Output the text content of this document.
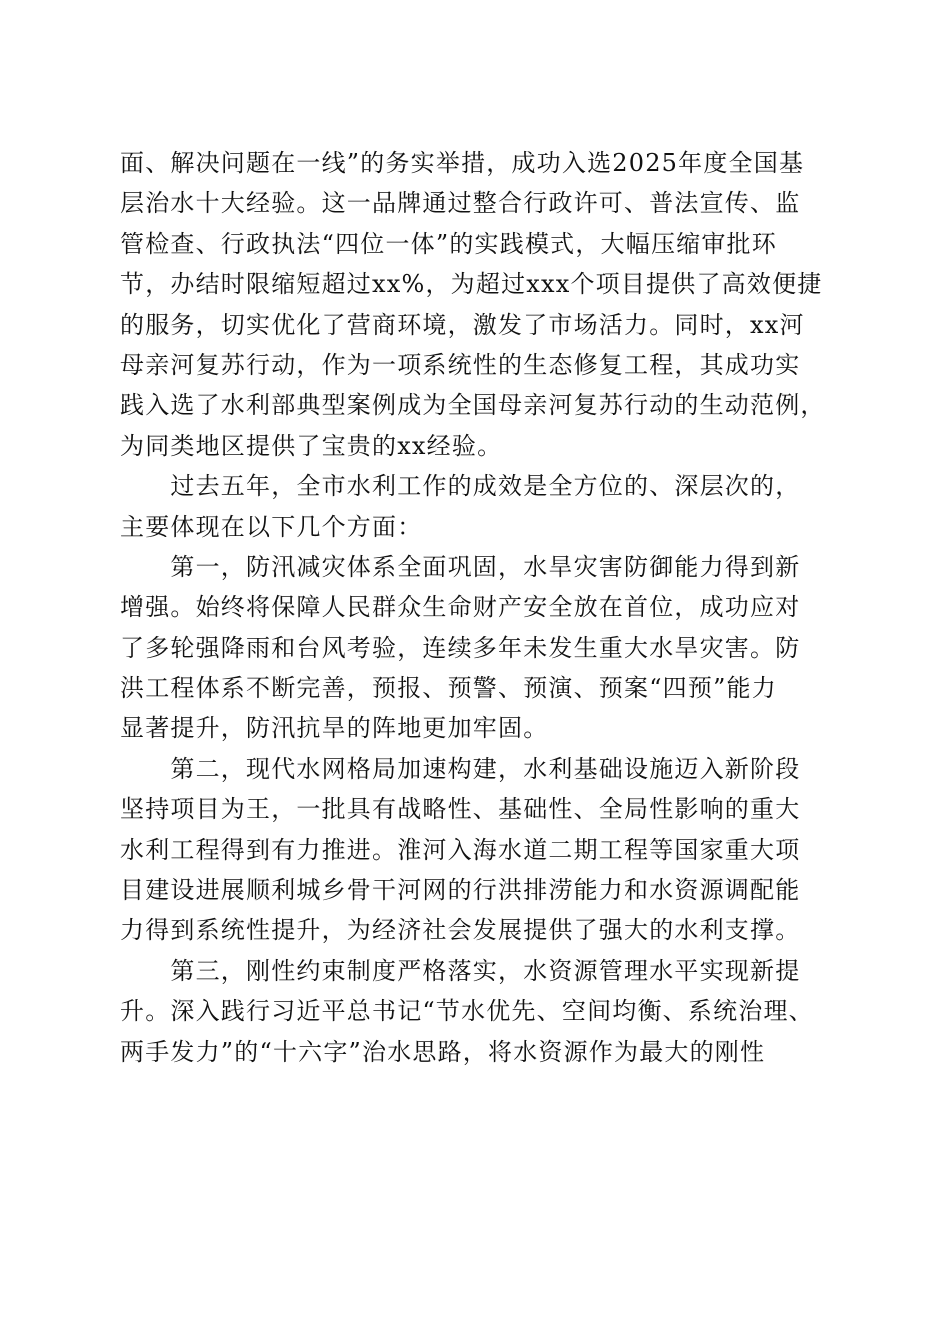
面、解决问题在一线”的务实举措，成功入选2025年度全国基
层治水十大经验。这一品牌通过整合行政许可、普法宣传、监
管检查、行政执法“四位一体”的实践模式，大幅压缩审批环
节，办结时限缩短超过xx%，为超过xxx个项目提供了高效便捷
的服务，切实优化了营商环境，激发了市场活力。同时，xx河
母亲河复苏行动，作为一项系统性的生态修复工程，其成功实
践入选了水利部典型案例成为全国母亲河复苏行动的生动范例，
为同类地区提供了宝贵的xx经验。
　　过去五年，全市水利工作的成效是全方位的、深层次的，
主要体现在以下几个方面：
　　第一，防汛减灾体系全面巩固，水旱灾害防御能力得到新
增强。始终将保障人民群众生命财产安全放在首位，成功应对
了多轮强降雨和台风考验，连续多年未发生重大水旱灾害。防
洪工程体系不断完善，预报、预警、预演、预案“四预”能力
显著提升，防汛抗旱的阵地更加牢固。
　　第二，现代水网格局加速构建，水利基础设施迈入新阶段
坚持项目为王，一批具有战略性、基础性、全局性影响的重大
水利工程得到有力推进。淮河入海水道二期工程等国家重大项
目建设进展顺利城乡骨干河网的行洪排涝能力和水资源调配能
力得到系统性提升，为经济社会发展提供了强大的水利支撑。
　　第三，刚性约束制度严格落实，水资源管理水平实现新提
升。深入践行习近平总书记“节水优先、空间均衡、系统治理、
两手发力”的“十六字”治水思路，将水资源作为最大的刚性
